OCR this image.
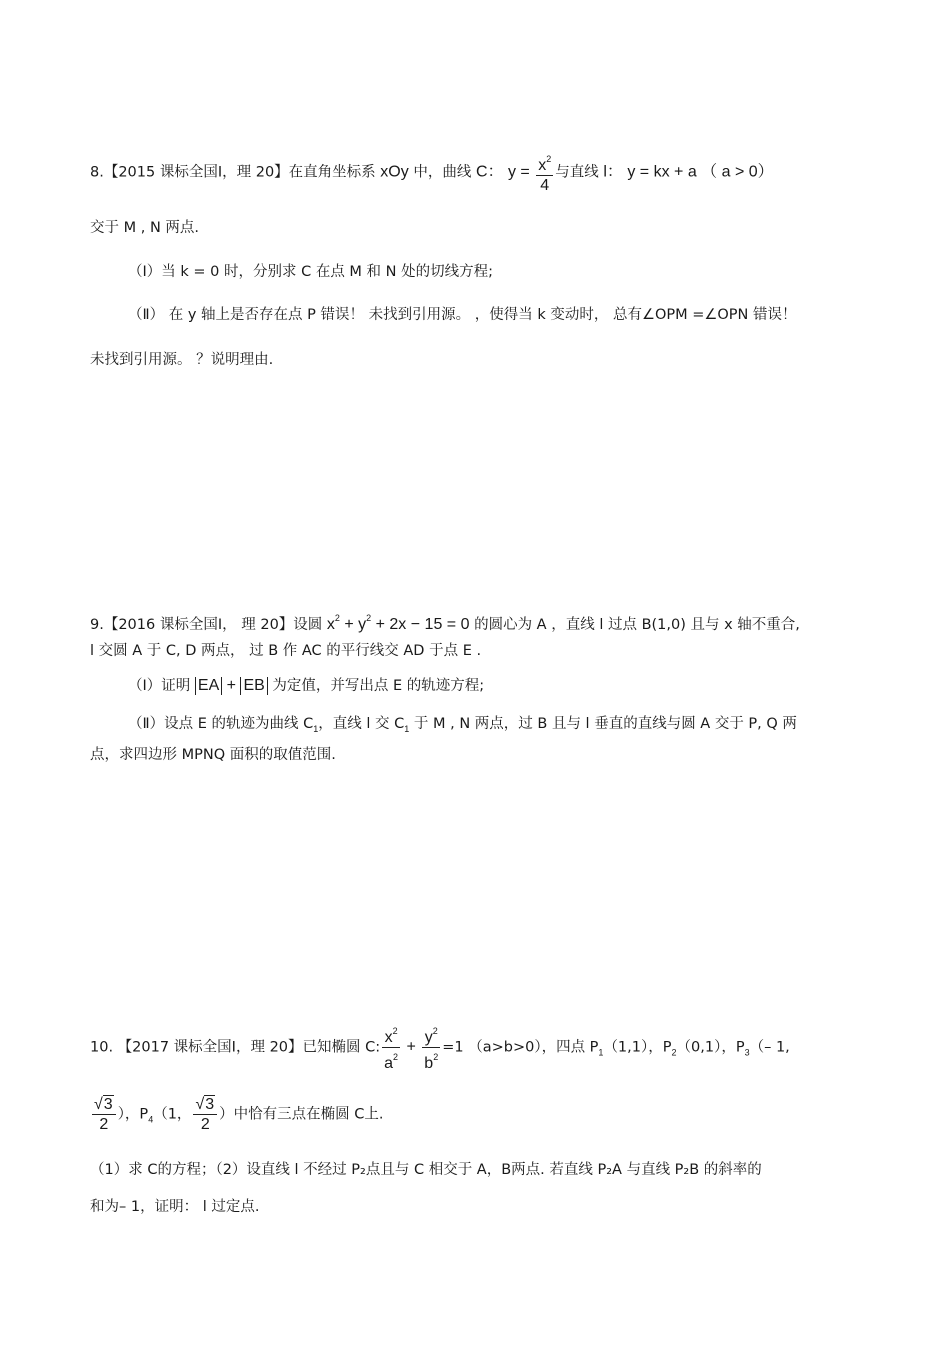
8.【2015 课标全国Ⅰ，理 20】在直角坐标系 xOy 中，曲线 C： $y = \frac{x^2}{4}$ 与直线 l： y = kx + a （ a > 0）
交于 M , N 两点.
（Ⅰ）当 k = 0 时，分别求 C 在点 M 和 N 处的切线方程;
（Ⅱ） 在 y 轴上是否存在点 P 错误！ 未找到引用源。 ，使得当 k 变动时， 总有∠OPM =∠OPN 错误！
未找到引用源。 ？说明理由.
9.【2016 课标全国Ⅰ， 理 20】设圆 $x^2 + y^2 + 2x - 15 = 0$ 的圆心为 A ，直线 l 过点 B(1,0) 且与 x 轴不重合,
l 交圆 A 于 C, D 两点， 过 B 作 AC 的平行线交 AD 于点 E .
（Ⅰ）证明 EA + EB 为定值，并写出点 E 的轨迹方程;
（Ⅱ）设点 E 的轨迹为曲线 $C_1$，直线 l 交 $C_1$ 于 M , N 两点，过 B 且与 l 垂直的直线与圆 A 交于 P, Q 两
点，求四边形 MPNQ 面积的取值范围.
10. 【2017 课标全国Ⅰ，理 20】已知椭圆 C: $\frac{x^2}{a^2} + \frac{y^2}{b^2} =1$ （a>b>0），四点 $P_1(1,1)$，$P_2(0,1)$，$P_3(-$ 1,
$\frac{√3}{2}$ ），$P_4(1$， $\frac{√3}{2}$ ）中恰有三点在椭圆 C上.
（1）求 C的方程；（2）设直线 l 不经过 P₂点且与 C 相交于 A，B两点. 若直线 P₂A 与直线 P₂B 的斜率的
和为– 1，证明： l 过定点.
